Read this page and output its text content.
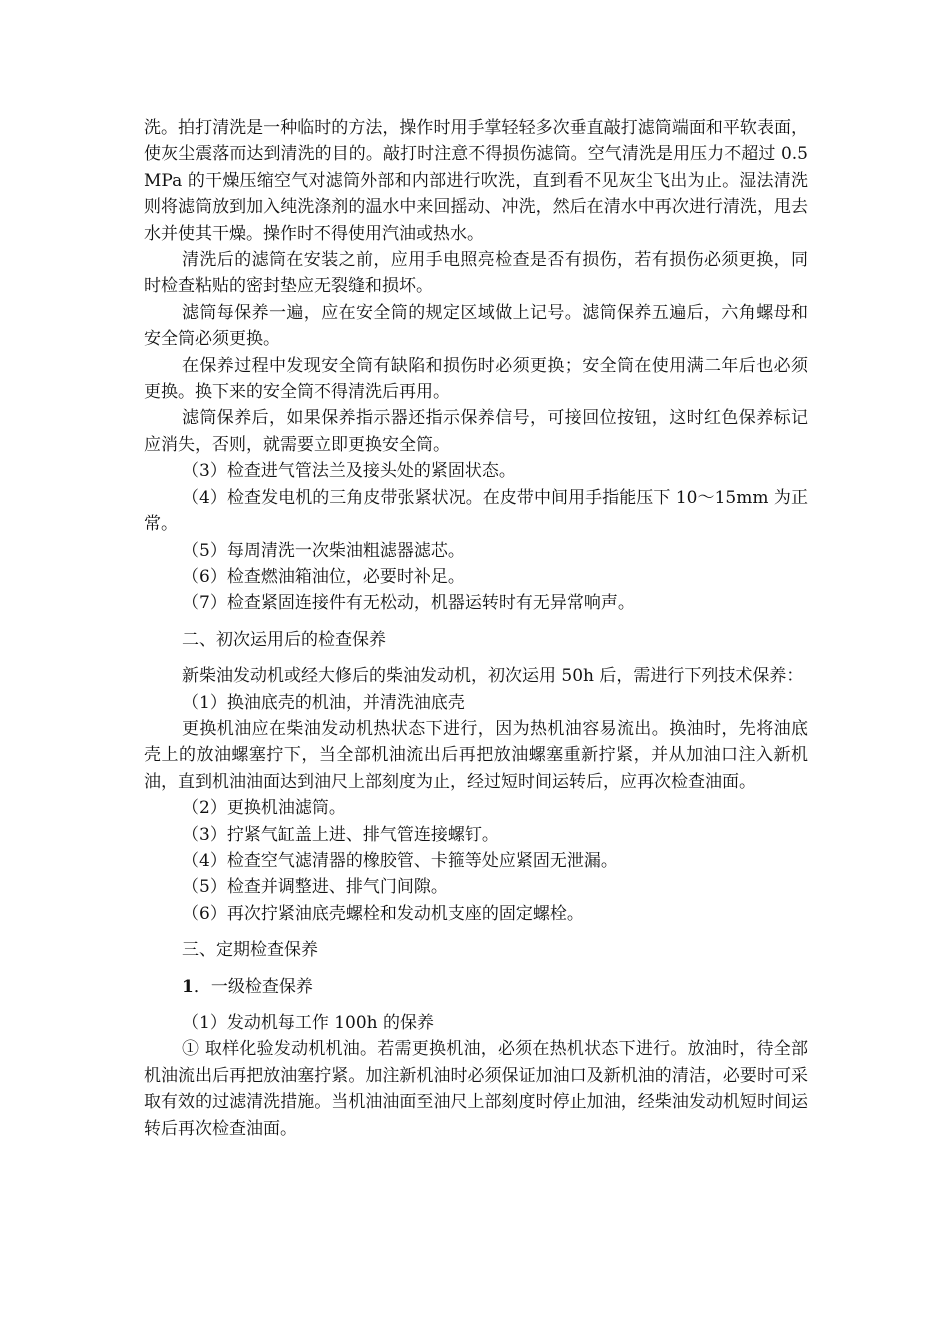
洗。拍打清洗是一种临时的方法，操作时用手掌轻轻多次垂直敲打滤筒端面和平软表面，使灰尘震落而达到清洗的目的。敲打时注意不得损伤滤筒。空气清洗是用压力不超过 0.5MPa 的干燥压缩空气对滤筒外部和内部进行吹洗，直到看不见灰尘飞出为止。湿法清洗则将滤筒放到加入纯洗涤剂的温水中来回摇动、冲洗，然后在清水中再次进行清洗，甩去水并使其干燥。操作时不得使用汽油或热水。

清洗后的滤筒在安装之前，应用手电照亮检查是否有损伤，若有损伤必须更换，同时检查粘贴的密封垫应无裂缝和损坏。

滤筒每保养一遍，应在安全筒的规定区域做上记号。滤筒保养五遍后，六角螺母和安全筒必须更换。

在保养过程中发现安全筒有缺陷和损伤时必须更换；安全筒在使用满二年后也必须更换。换下来的安全筒不得清洗后再用。

滤筒保养后，如果保养指示器还指示保养信号，可接回位按钮，这时红色保养标记应消失，否则，就需要立即更换安全筒。

（3）检查进气管法兰及接头处的紧固状态。

（4）检查发电机的三角皮带张紧状况。在皮带中间用手指能压下 10～15mm 为正常。

（5）每周清洗一次柴油粗滤器滤芯。

（6）检查燃油箱油位，必要时补足。

（7）检查紧固连接件有无松动，机器运转时有无异常响声。

二、初次运用后的检查保养

新柴油发动机或经大修后的柴油发动机，初次运用 50h 后，需进行下列技术保养：

（1）换油底壳的机油，并清洗油底壳

更换机油应在柴油发动机热状态下进行，因为热机油容易流出。换油时，先将油底壳上的放油螺塞拧下，当全部机油流出后再把放油螺塞重新拧紧，并从加油口注入新机油，直到机油油面达到油尺上部刻度为止，经过短时间运转后，应再次检查油面。

（2）更换机油滤筒。

（3）拧紧气缸盖上进、排气管连接螺钉。

（4）检查空气滤清器的橡胶管、卡箍等处应紧固无泄漏。

（5）检查并调整进、排气门间隙。

（6）再次拧紧油底壳螺栓和发动机支座的固定螺栓。

三、定期检查保养

1．一级检查保养

（1）发动机每工作 100h 的保养

① 取样化验发动机机油。若需更换机油，必须在热机状态下进行。放油时，待全部机油流出后再把放油塞拧紧。加注新机油时必须保证加油口及新机油的清洁，必要时可采取有效的过滤清洗措施。当机油油面至油尺上部刻度时停止加油，经柴油发动机短时间运转后再次检查油面。
